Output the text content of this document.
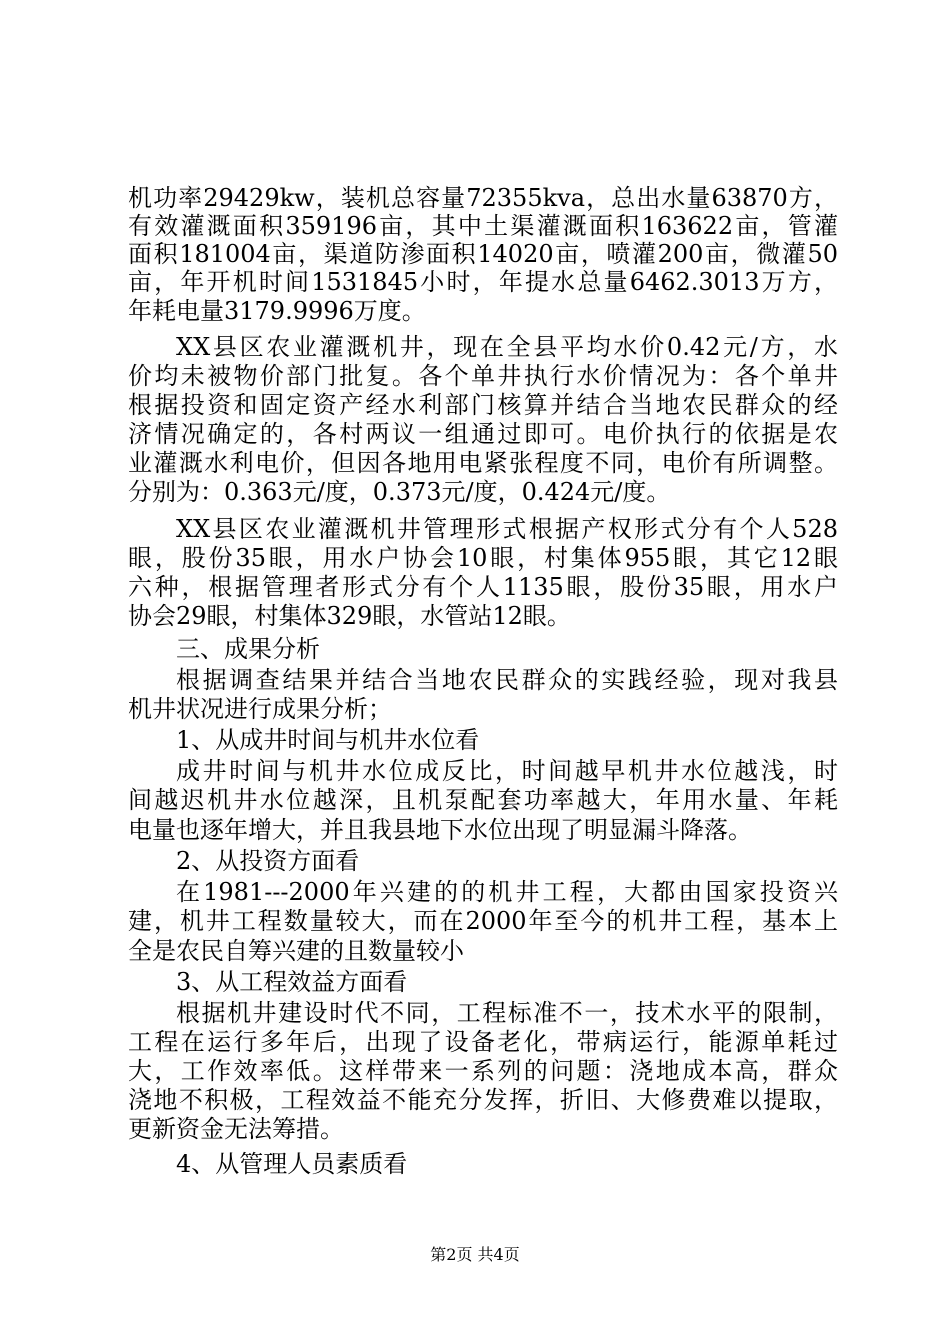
机功率29429kw，装机总容量72355kva，总出水量63870方，
有效灌溉面积359196亩，其中土渠灌溉面积163622亩，管灌
面积181004亩，渠道防渗面积14020亩，喷灌200亩，微灌50
亩，年开机时间1531845小时，年提水总量6462.3013万方，
年耗电量3179.9996万度。
XX县区农业灌溉机井，现在全县平均水价0.42元/方，水
价均未被物价部门批复。各个单井执行水价情况为：各个单井
根据投资和固定资产经水利部门核算并结合当地农民群众的经
济情况确定的，各村两议一组通过即可。电价执行的依据是农
业灌溉水利电价，但因各地用电紧张程度不同，电价有所调整。
分别为：0.363元/度，0.373元/度，0.424元/度。
XX县区农业灌溉机井管理形式根据产权形式分有个人528
眼，股份35眼，用水户协会10眼，村集体955眼，其它12眼
六种，根据管理者形式分有个人1135眼，股份35眼，用水户
协会29眼，村集体329眼，水管站12眼。
三、成果分析
根据调查结果并结合当地农民群众的实践经验，现对我县
机井状况进行成果分析；
1、从成井时间与机井水位看
成井时间与机井水位成反比，时间越早机井水位越浅，时
间越迟机井水位越深，且机泵配套功率越大，年用水量、年耗
电量也逐年增大，并且我县地下水位出现了明显漏斗降落。
2、从投资方面看
在1981---2000年兴建的的机井工程，大都由国家投资兴
建，机井工程数量较大，而在2000年至今的机井工程，基本上
全是农民自筹兴建的且数量较小
3、从工程效益方面看
根据机井建设时代不同，工程标准不一，技术水平的限制，
工程在运行多年后，出现了设备老化，带病运行，能源单耗过
大，工作效率低。这样带来一系列的问题：浇地成本高，群众
浇地不积极，工程效益不能充分发挥，折旧、大修费难以提取，
更新资金无法筹措。
4、从管理人员素质看
第2页 共4页
